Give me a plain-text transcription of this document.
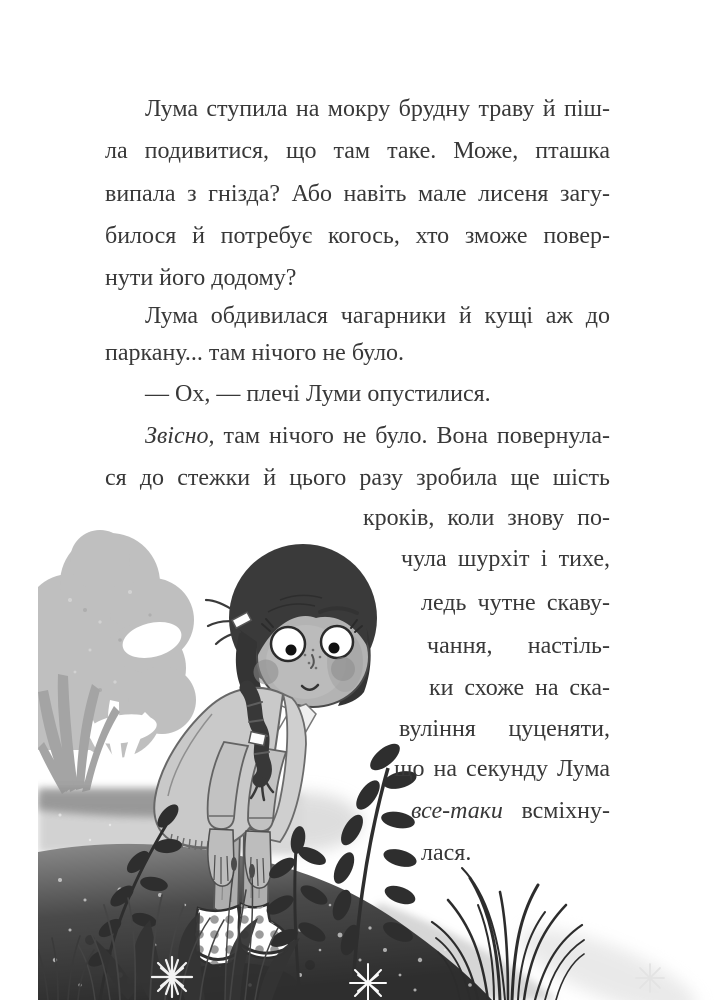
Лума ступила на мокру брудну траву й піш-
ла подивитися, що там таке. Може, пташка
випала з гнізда? Або навіть мале лисеня загу-
билося й потребує когось, хто зможе повер-
нути його додому?
Лума обдивилася чагарники й кущі аж до
паркану... там нічого не було.
— Ох, — плечі Луми опустилися.
Звісно, там нічого не було. Вона повернула-
ся до стежки й цього разу зробила ще шість
кроків, коли знову по-
чула шурхіт і тихе,
ледь чутне скаву-
чання, настіль-
ки схоже на ска-
вуління цуценяти,
що на секунду Лума
все-таки всміхну-
лася.
